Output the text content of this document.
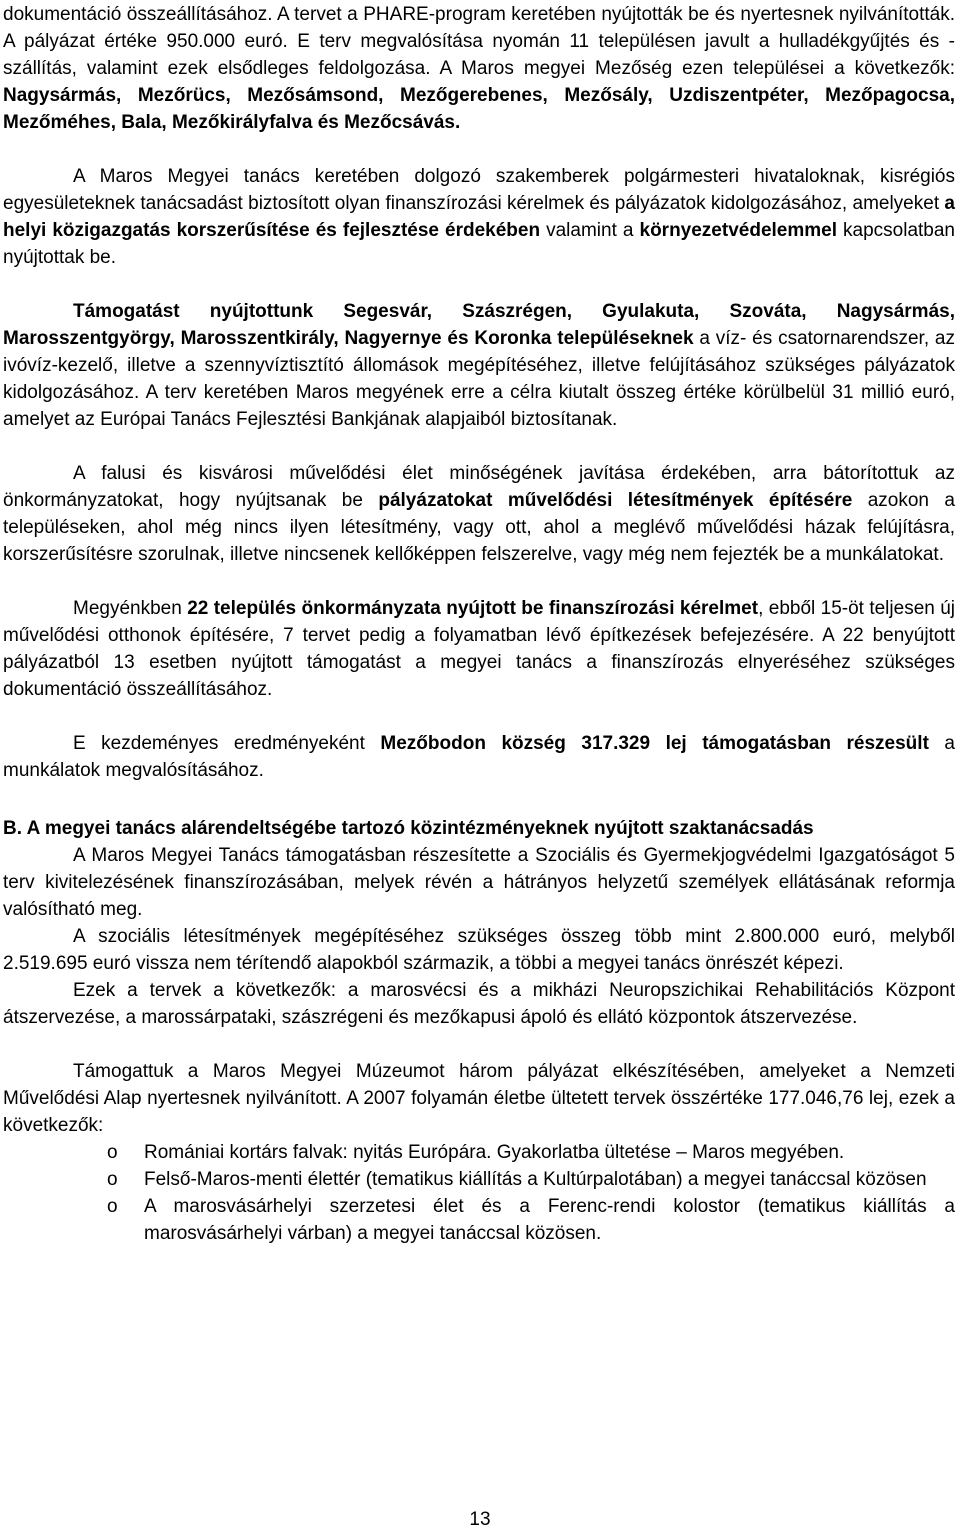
dokumentáció összeállításához. A tervet a PHARE-program keretében nyújtották be és nyertesnek nyilvánították. A pályázat értéke 950.000 euró. E terv megvalósítása nyomán 11 településen javult a hulladékgyűjtés és -szállítás, valamint ezek elsődleges feldolgozása. A Maros megyei Mezőség ezen települései a következők: Nagysármás, Mezőrücs, Mezősámsond, Mezőgerebenes, Mezősály, Uzdiszentpéter, Mezőpagocsa, Mezőméhes, Bala, Mezőkirályfalva és Mezőcsávás.

A Maros Megyei tanács keretében dolgozó szakemberek polgármesteri hivataloknak, kisrégiós egyesületeknek tanácsadást biztosított olyan finanszírozási kérelmek és pályázatok kidolgozásához, amelyeket a helyi közigazgatás korszerűsítése és fejlesztése érdekében valamint a környezetvédelemmel kapcsolatban nyújtottak be.

Támogatást nyújtottunk Segesvár, Szászrégen, Gyulakuta, Szováta, Nagysármás, Marosszentgyörgy, Marosszentkirály, Nagyernye és Koronka településeknek a víz- és csatornarendszer, az ivóvíz-kezelő, illetve a szennyvíztisztító állomások megépítéséhez, illetve felújításához szükséges pályázatok kidolgozásához. A terv keretében Maros megyének erre a célra kiutalt összeg értéke körülbelül 31 millió euró, amelyet az Európai Tanács Fejlesztési Bankjának alapjaiból biztosítanak.

A falusi és kisvárosi művelődési élet minőségének javítása érdekében, arra bátorítottuk az önkormányzatokat, hogy nyújtsanak be pályázatokat művelődési létesítmények építésére azokon a településeken, ahol még nincs ilyen létesítmény, vagy ott, ahol a meglévő művelődési házak felújításra, korszerűsítésre szorulnak, illetve nincsenek kellőképpen felszerelve, vagy még nem fejezték be a munkálatokat.

Megyénkben 22 település önkormányzata nyújtott be finanszírozási kérelmet, ebből 15-öt teljesen új művelődési otthonok építésére, 7 tervet pedig a folyamatban lévő építkezések befejezésére. A 22 benyújtott pályázatból 13 esetben nyújtott támogatást a megyei tanács a finanszírozás elnyeréséhez szükséges dokumentáció összeállításához.

E kezdeményes eredményeként Mezőbodon község 317.329 lej támogatásban részesült a munkálatok megvalósításához.

B. A megyei tanács alárendeltségébe tartozó közintézményeknek nyújtott szaktanácsadás

A Maros Megyei Tanács támogatásban részesítette a Szociális és Gyermekjogvédelmi Igazgatóságot 5 terv kivitelezésének finanszírozásában, melyek révén a hátrányos helyzetű személyek ellátásának reformja valósítható meg.

A szociális létesítmények megépítéséhez szükséges összeg több mint 2.800.000 euró, melyből 2.519.695 euró vissza nem térítendő alapokból származik, a többi a megyei tanács önrészét képezi.

Ezek a tervek a következők: a marosvécsi és a mikházi Neuropszichikai Rehabilitációs Központ átszervezése, a marossárpataki, szászrégeni és mezőkapusi ápoló és ellátó központok átszervezése.

Támogattuk a Maros Megyei Múzeumot három pályázat elkészítésében, amelyeket a Nemzeti Művelődési Alap nyertesnek nyilvánított. A 2007 folyamán életbe ültetett tervek összértéke 177.046,76 lej, ezek a következők:

o Romániai kortárs falvak: nyitás Európára. Gyakorlatba ültetése – Maros megyében.
o Felső-Maros-menti élettér (tematikus kiállítás a Kultúrpalotában) a megyei tanáccsal közösen
o A marosvásárhelyi szerzetesi élet és a Ferenc-rendi kolostor (tematikus kiállítás a marosvásárhelyi várban) a megyei tanáccsal közösen.
13
